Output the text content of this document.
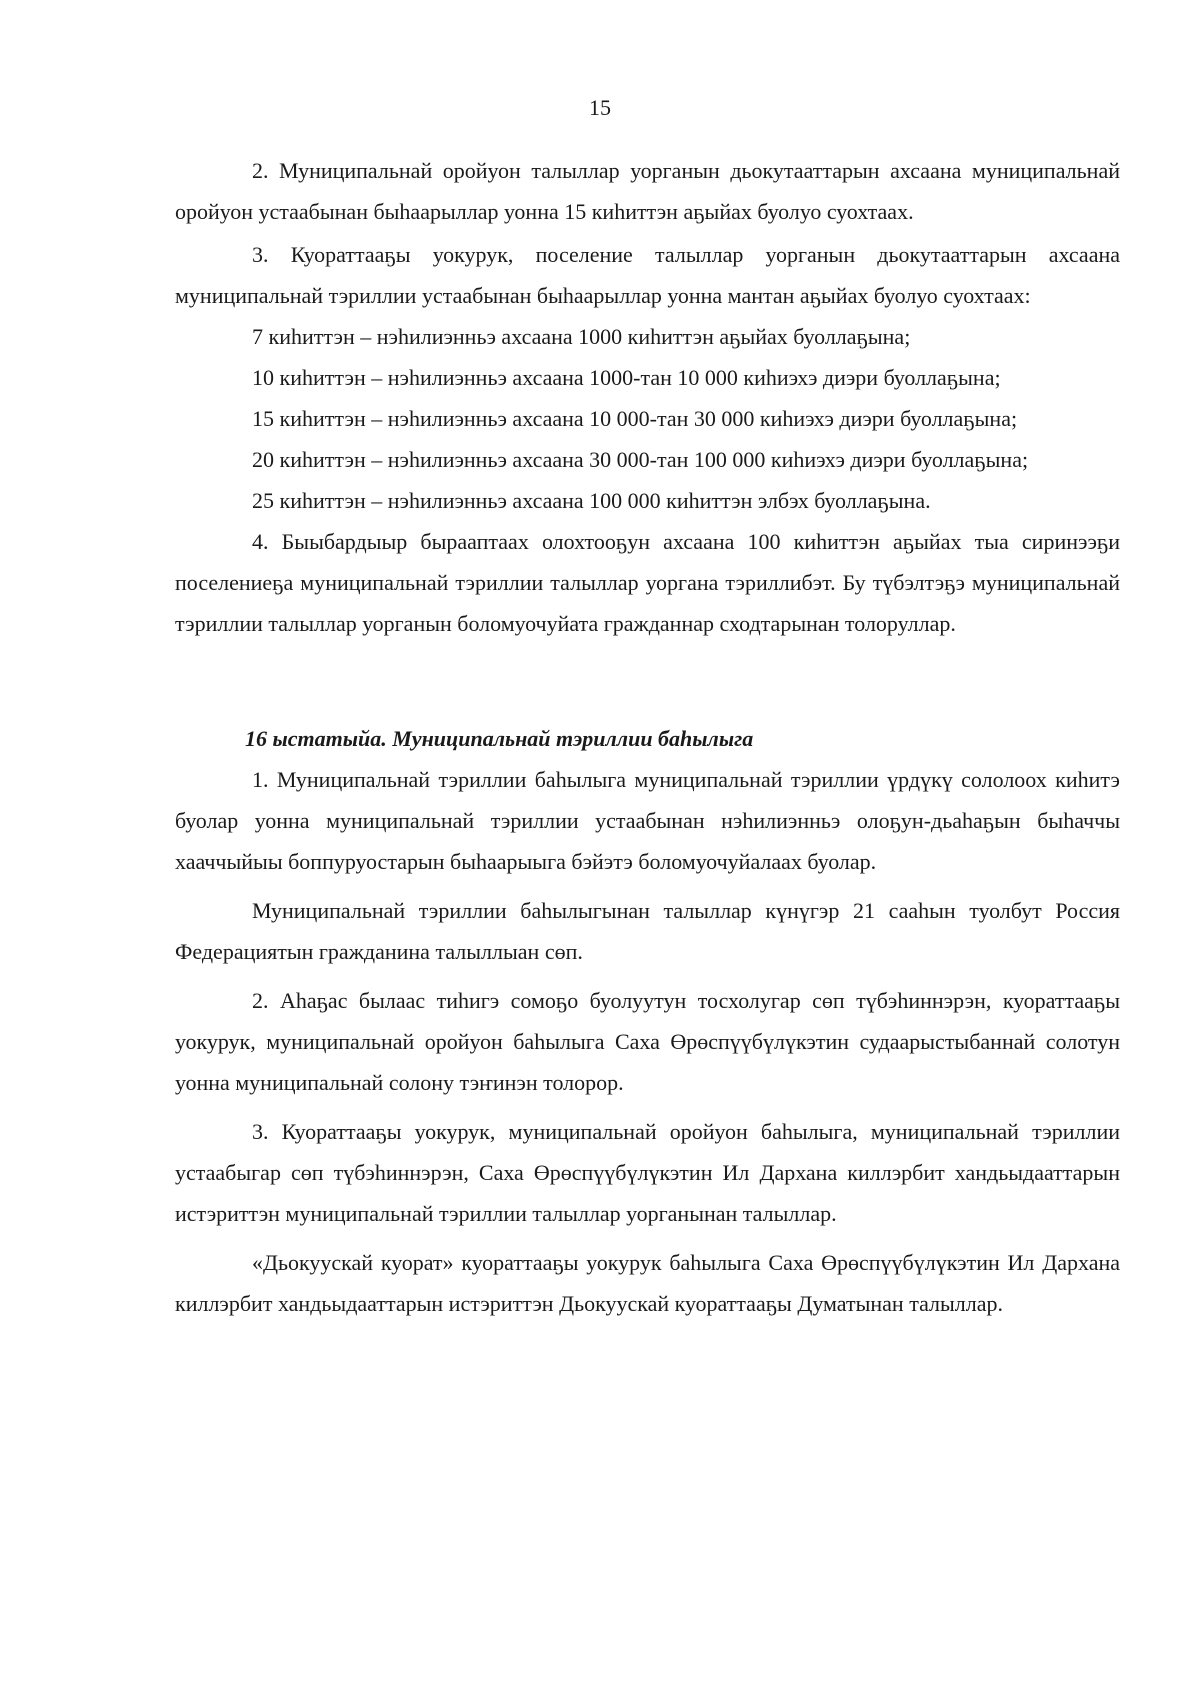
15

2. Муниципальнай оройуон талыллар уорганын дьокутааттарын ахсаана муниципальнай оройуон устаабынан быhаарыллар уонна 15 киhиттэн аҕыйах буолуо суохтаах.

3. Куораттааҕы уокурук, поселение талыллар уорганын дьокутааттарын ахсаана муниципальнай тэриллии устаабынан быhаарыллар уонна мантан аҕыйах буолуо суохтаах:

7 киhиттэн – нэhилиэнньэ ахсаана 1000 киhиттэн аҕыйах буоллаҕына;

10 киhиттэн – нэhилиэнньэ ахсаана 1000-тан 10 000 киhиэхэ диэри буоллаҕына;

15 киhиттэн – нэhилиэнньэ ахсаана 10 000-тан 30 000 киhиэхэ диэри буоллаҕына;

20 киhиттэн – нэhилиэнньэ ахсаана 30 000-тан 100 000 киhиэхэ диэри буоллаҕына;

25 киhиттэн – нэhилиэнньэ ахсаана 100 000 киhиттэн элбэх буоллаҕына.

4. Быыбардыыр бырааптаах олохтооҕун ахсаана 100 киhиттэн аҕыйах тыа сиринээҕи поселениеҕа муниципальнай тэриллии талыллар уоргана тэриллибэт. Бу түбэлтэҕэ муниципальнай тэриллии талыллар уорганын боломуочуйата гражданнар сходтарынан толоруллар.

16 ыстатыйа. Муниципальнай тэриллии баhылыга

1. Муниципальнай тэриллии баhылыга муниципальнай тэриллии үрдүкү сололоох киhитэ буолар уонна муниципальнай тэриллии устаабынан нэhилиэнньэ олоҕун-дьаhаҕын быhаччы хааччыйыы боппуруостарын быhаарыыга бэйэтэ боломуочуйалаах буолар.

Муниципальнай тэриллии баhылыгынан талыллар күнүгэр 21 сааhын туолбут Россия Федерациятын гражданина талыллыан сөп.

2. Аhаҕас былаас тиhигэ сомоҕо буолуутун тосхолугар сөп түбэhиннэрэн, куораттааҕы уокурук, муниципальнай оройуон баhылыга Саха Өрөспүүбүлүкэтин судаарыстыбаннай солотун уонна муниципальнай солону тэҥинэн толорор.

3. Куораттааҕы уокурук, муниципальнай оройуон баhылыга, муниципальнай тэриллии устаабыгар сөп түбэhиннэрэн, Саха Өрөспүүбүлүкэтин Ил Дархана киллэрбит хандьыдааттарын истэриттэн муниципальнай тэриллии талыллар уорганынан талыллар.

«Дьокуускай куорат» куораттааҕы уокурук баhылыга Саха Өрөспүүбүлүкэтин Ил Дархана киллэрбит хандьыдааттарын истэриттэн Дьокуускай куораттааҕы Думатынан талыллар.
